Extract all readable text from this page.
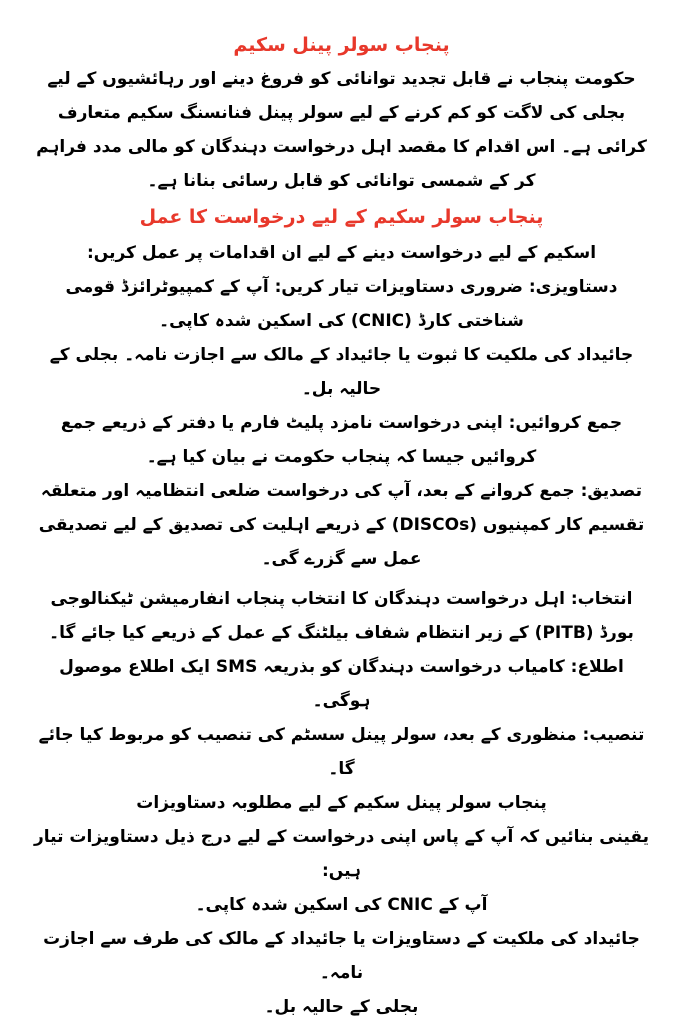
پنجاب سولر پینل سکیم

حکومت پنجاب نے قابل تجدید توانائی کو فروغ دینے اور رہائشیوں کے لیے بجلی کی لاگت کو کم کرنے کے لیے سولر پینل فنانسنگ سکیم متعارف کرائی ہے۔ اس اقدام کا مقصد اہل درخواست دہندگان کو مالی مدد فراہم کر کے شمسی توانائی کو قابل رسائی بنانا ہے۔

پنجاب سولر سکیم کے لیے درخواست کا عمل

اسکیم کے لیے درخواست دینے کے لیے ان اقدامات پر عمل کریں:

دستاویزی: ضروری دستاویزات تیار کریں: آپ کے کمپیوٹرائزڈ قومی شناختی کارڈ (CNIC) کی اسکین شدہ کاپی۔

جائیداد کی ملکیت کا ثبوت یا جائیداد کے مالک سے اجازت نامہ۔ بجلی کے حالیہ بل۔

جمع کروائیں: اپنی درخواست نامزد پلیٹ فارم یا دفتر کے ذریعے جمع کروائیں جیسا کہ پنجاب حکومت نے بیان کیا ہے۔

تصدیق: جمع کروانے کے بعد، آپ کی درخواست ضلعی انتظامیہ اور متعلقہ تقسیم کار کمپنیوں (DISCOs) کے ذریعے اہلیت کی تصدیق کے لیے تصدیقی عمل سے گزرے گی۔

انتخاب: اہل درخواست دہندگان کا انتخاب پنجاب انفارمیشن ٹیکنالوجی بورڈ (PITB) کے زیر انتظام شفاف بیلٹنگ کے عمل کے ذریعے کیا جائے گا۔ اطلاع: کامیاب درخواست دہندگان کو بذریعہ SMS ایک اطلاع موصول ہوگی۔

تنصیب: منظوری کے بعد، سولر پینل سسٹم کی تنصیب کو مربوط کیا جائے گا۔

پنجاب سولر پینل سکیم کے لیے مطلوبہ دستاویزات

یقینی بنائیں کہ آپ کے پاس اپنی درخواست کے لیے درج ذیل دستاویزات تیار ہیں:

آپ کے CNIC کی اسکین شدہ کاپی۔

جائیداد کی ملکیت کے دستاویزات یا جائیداد کے مالک کی طرف سے اجازت نامہ۔

بجلی کے حالیہ بل۔
